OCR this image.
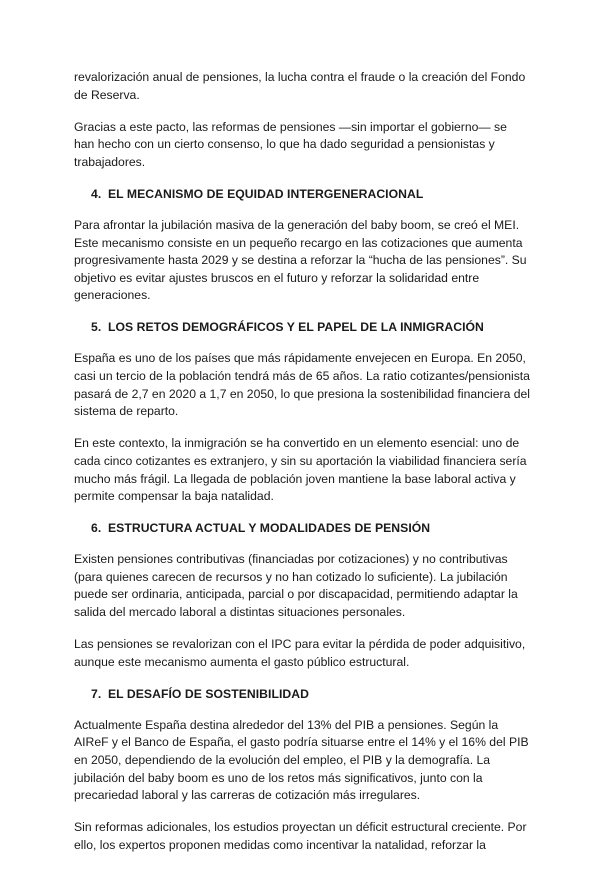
revalorización anual de pensiones, la lucha contra el fraude o la creación del Fondo de Reserva.

Gracias a este pacto, las reformas de pensiones —sin importar el gobierno— se han hecho con un cierto consenso, lo que ha dado seguridad a pensionistas y trabajadores.

4. EL MECANISMO DE EQUIDAD INTERGENERACIONAL

Para afrontar la jubilación masiva de la generación del baby boom, se creó el MEI. Este mecanismo consiste en un pequeño recargo en las cotizaciones que aumenta progresivamente hasta 2029 y se destina a reforzar la “hucha de las pensiones”. Su objetivo es evitar ajustes bruscos en el futuro y reforzar la solidaridad entre generaciones.

5. LOS RETOS DEMOGRÁFICOS Y EL PAPEL DE LA INMIGRACIÓN

España es uno de los países que más rápidamente envejecen en Europa. En 2050, casi un tercio de la población tendrá más de 65 años. La ratio cotizantes/pensionista pasará de 2,7 en 2020 a 1,7 en 2050, lo que presiona la sostenibilidad financiera del sistema de reparto.

En este contexto, la inmigración se ha convertido en un elemento esencial: uno de cada cinco cotizantes es extranjero, y sin su aportación la viabilidad financiera sería mucho más frágil. La llegada de población joven mantiene la base laboral activa y permite compensar la baja natalidad.

6. ESTRUCTURA ACTUAL Y MODALIDADES DE PENSIÓN

Existen pensiones contributivas (financiadas por cotizaciones) y no contributivas (para quienes carecen de recursos y no han cotizado lo suficiente). La jubilación puede ser ordinaria, anticipada, parcial o por discapacidad, permitiendo adaptar la salida del mercado laboral a distintas situaciones personales.

Las pensiones se revalorizan con el IPC para evitar la pérdida de poder adquisitivo, aunque este mecanismo aumenta el gasto público estructural.

7. EL DESAFÍO DE SOSTENIBILIDAD

Actualmente España destina alrededor del 13% del PIB a pensiones. Según la AIReF y el Banco de España, el gasto podría situarse entre el 14% y el 16% del PIB en 2050, dependiendo de la evolución del empleo, el PIB y la demografía. La jubilación del baby boom es uno de los retos más significativos, junto con la precariedad laboral y las carreras de cotización más irregulares.

Sin reformas adicionales, los estudios proyectan un déficit estructural creciente. Por ello, los expertos proponen medidas como incentivar la natalidad, reforzar la
